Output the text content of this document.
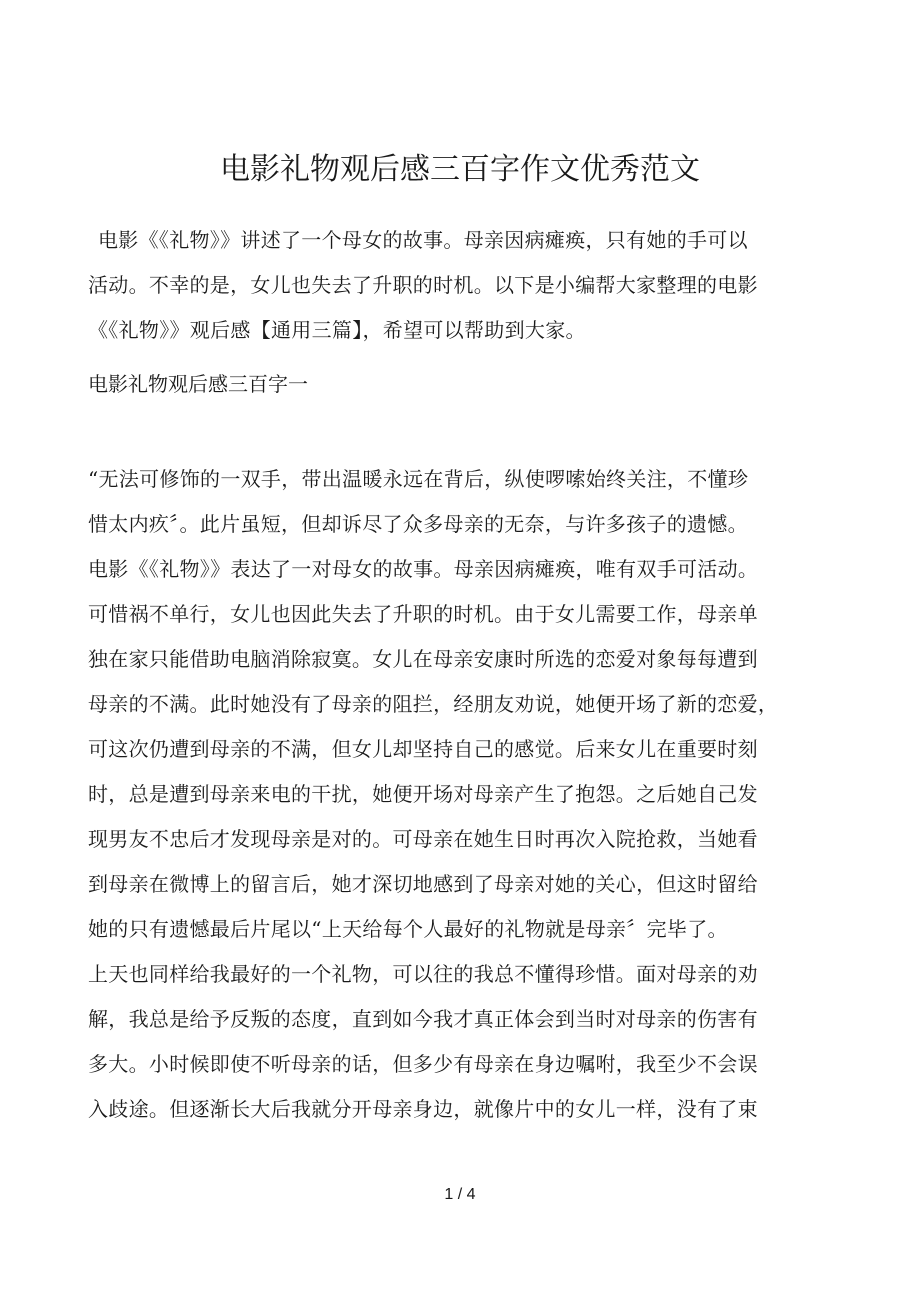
电影礼物观后感三百字作文优秀范文
电影《《礼物》》讲述了一个母女的故事。母亲因病瘫痪，只有她的手可以
活动。不幸的是，女儿也失去了升职的时机。以下是小编帮大家整理的电影
《《礼物》》观后感【通用三篇】，希望可以帮助到大家。
电影礼物观后感三百字一
“无法可修饰的一双手，带出温暖永远在背后，纵使啰嗦始终关注，不懂珍
惜太内疚〞。此片虽短，但却诉尽了众多母亲的无奈，与许多孩子的遗憾。
电影《《礼物》》表达了一对母女的故事。母亲因病瘫痪，唯有双手可活动。
可惜祸不单行，女儿也因此失去了升职的时机。由于女儿需要工作，母亲单
独在家只能借助电脑消除寂寞。女儿在母亲安康时所选的恋爱对象每每遭到
母亲的不满。此时她没有了母亲的阻拦，经朋友劝说，她便开场了新的恋爱，
可这次仍遭到母亲的不满，但女儿却坚持自己的感觉。后来女儿在重要时刻
时，总是遭到母亲来电的干扰，她便开场对母亲产生了抱怨。之后她自己发
现男友不忠后才发现母亲是对的。可母亲在她生日时再次入院抢救，当她看
到母亲在微博上的留言后，她才深切地感到了母亲对她的关心，但这时留给
她的只有遗憾最后片尾以“上天给每个人最好的礼物就是母亲〞完毕了。
上天也同样给我最好的一个礼物，可以往的我总不懂得珍惜。面对母亲的劝
解，我总是给予反叛的态度，直到如今我才真正体会到当时对母亲的伤害有
多大。小时候即使不听母亲的话，但多少有母亲在身边嘱咐，我至少不会误
入歧途。但逐渐长大后我就分开母亲身边，就像片中的女儿一样，没有了束
1 / 4
